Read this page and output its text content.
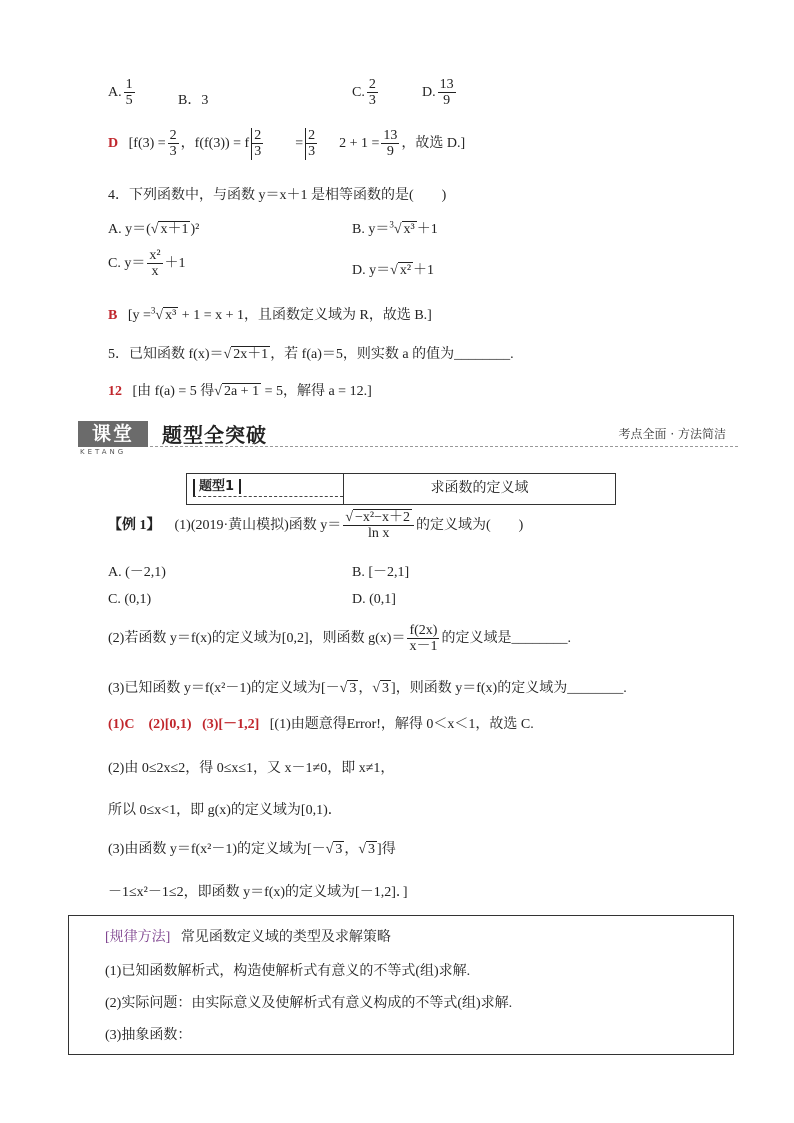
A. $\frac{1}{5}$	B．3
C. $\frac{2}{3}$	D. $\frac{13}{9}$
D [$f(3) = \frac{2}{3}$ ，f(f(3)) = f $\frac{2}{3} = \frac{2}{3} 2 + 1 = \frac{13}{9}$ ，故选 D.]
4．下列函数中，与函数 y＝x＋1 是相等函数的是(　　)
A. y＝( √ x＋1 )²	B. y＝$^3$ √ x³ ＋1
C. $y= \frac{\text{x²}}{x} +1$	D. y＝ √ x² ＋1
B [y =$^3$ √ x³ + 1 = x + 1，且函数定义域为 R，故选 B.]
5．已知函数 f(x)＝ √ 2x＋1 ，若 f(a)＝5，则实数 a 的值为________.
12 [由 f(a) = 5 得 √ 2a + 1 = 5，解得 a = 12.]
课堂
KETANG
题型全突破	考点全面 · 方法简洁
题型1	求函数的定义域
【例 1】 (1)(2019·黄山模拟)函数 y＝ √ $\frac{\text{−x²−x＋2}}{\text{ln x}}$ 的定义域为(　　)
A. (－2,1)	B. [－2,1]
C. (0,1)	D. (0,1]
(2)若函数 y＝f(x)的定义域为[0,2]，则函数 $g(x)= \frac{f(2x)}{x-1}$ 的定义域是________.
(3)已知函数 y＝f(x²－1)的定义域为[－ √ 3 ， √ 3 ]，则函数 y＝f(x)的定义域为________.
(1)C (2)[0,1) (3)[－1,2] [(1)由题意得Error!，解得 0＜x＜1，故选 C.
(2)由 0≤2x≤2，得 0≤x≤1，又 x－1≠0，即 x≠1，
所以 0≤x<1，即 g(x)的定义域为[0,1)．
(3)由函数 y＝f(x²－1)的定义域为[－ √ 3 ， √ 3 ]得
－1≤x²－1≤2，即函数 y＝f(x)的定义域为[－1,2]．]
[规律方法] 常见函数定义域的类型及求解策略
(1)已知函数解析式，构造使解析式有意义的不等式(组)求解.
(2)实际问题：由实际意义及使解析式有意义构成的不等式(组)求解.
(3)抽象函数：
